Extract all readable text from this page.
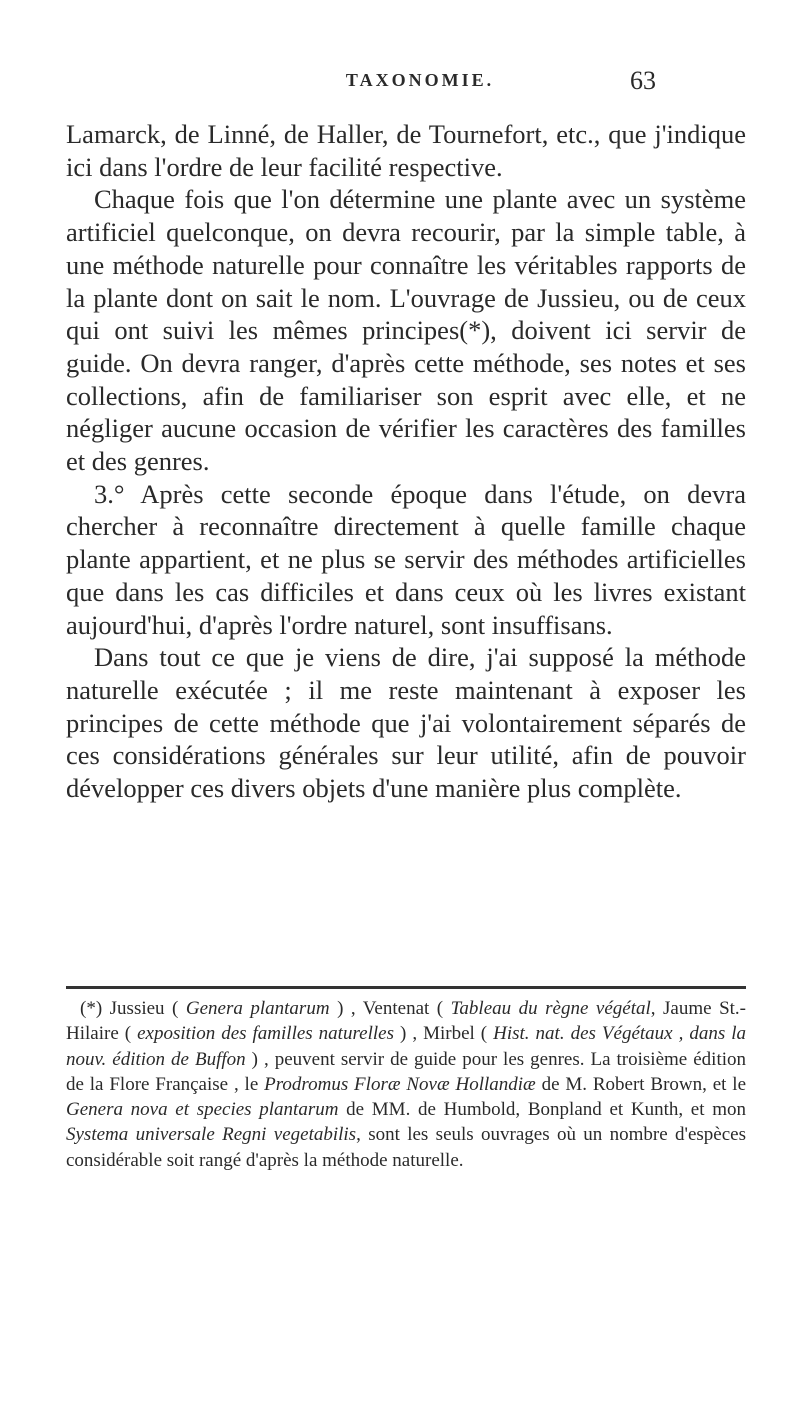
TAXONOMIE.	63

Lamarck, de Linné, de Haller, de Tournefort, etc., que j'indique ici dans l'ordre de leur facilité respective.

Chaque fois que l'on détermine une plante avec un système artificiel quelconque, on devra recourir, par la simple table, à une méthode naturelle pour connaître les véritables rapports de la plante dont on sait le nom. L'ouvrage de Jussieu, ou de ceux qui ont suivi les mêmes principes(*), doivent ici servir de guide. On devra ranger, d'après cette méthode, ses notes et ses collections, afin de familiariser son esprit avec elle, et ne négliger aucune occasion de vérifier les caractères des familles et des genres.

3.° Après cette seconde époque dans l'étude, on devra chercher à reconnaître directement à quelle famille chaque plante appartient, et ne plus se servir des méthodes artificielles que dans les cas difficiles et dans ceux où les livres existant aujourd'hui, d'après l'ordre naturel, sont insuffisans.

Dans tout ce que je viens de dire, j'ai supposé la méthode naturelle exécutée ; il me reste maintenant à exposer les principes de cette méthode que j'ai volontairement séparés de ces considérations générales sur leur utilité, afin de pouvoir développer ces divers objets d'une manière plus complète.

(*) Jussieu ( Genera plantarum ) , Ventenat ( Tableau du règne végétal, Jaume St.-Hilaire ( exposition des familles naturelles ) , Mirbel ( Hist. nat. des Végétaux , dans la nouv. édition de Buffon ) , peuvent servir de guide pour les genres. La troisième édition de la Flore Française , le Prodromus Floræ Novæ Hollandiæ de M. Robert Brown, et le Genera nova et species plantarum de MM. de Humbold, Bonpland et Kunth, et mon Systema universale Regni vegetabilis, sont les seuls ouvrages où un nombre d'espèces considérable soit rangé d'après la méthode naturelle.
